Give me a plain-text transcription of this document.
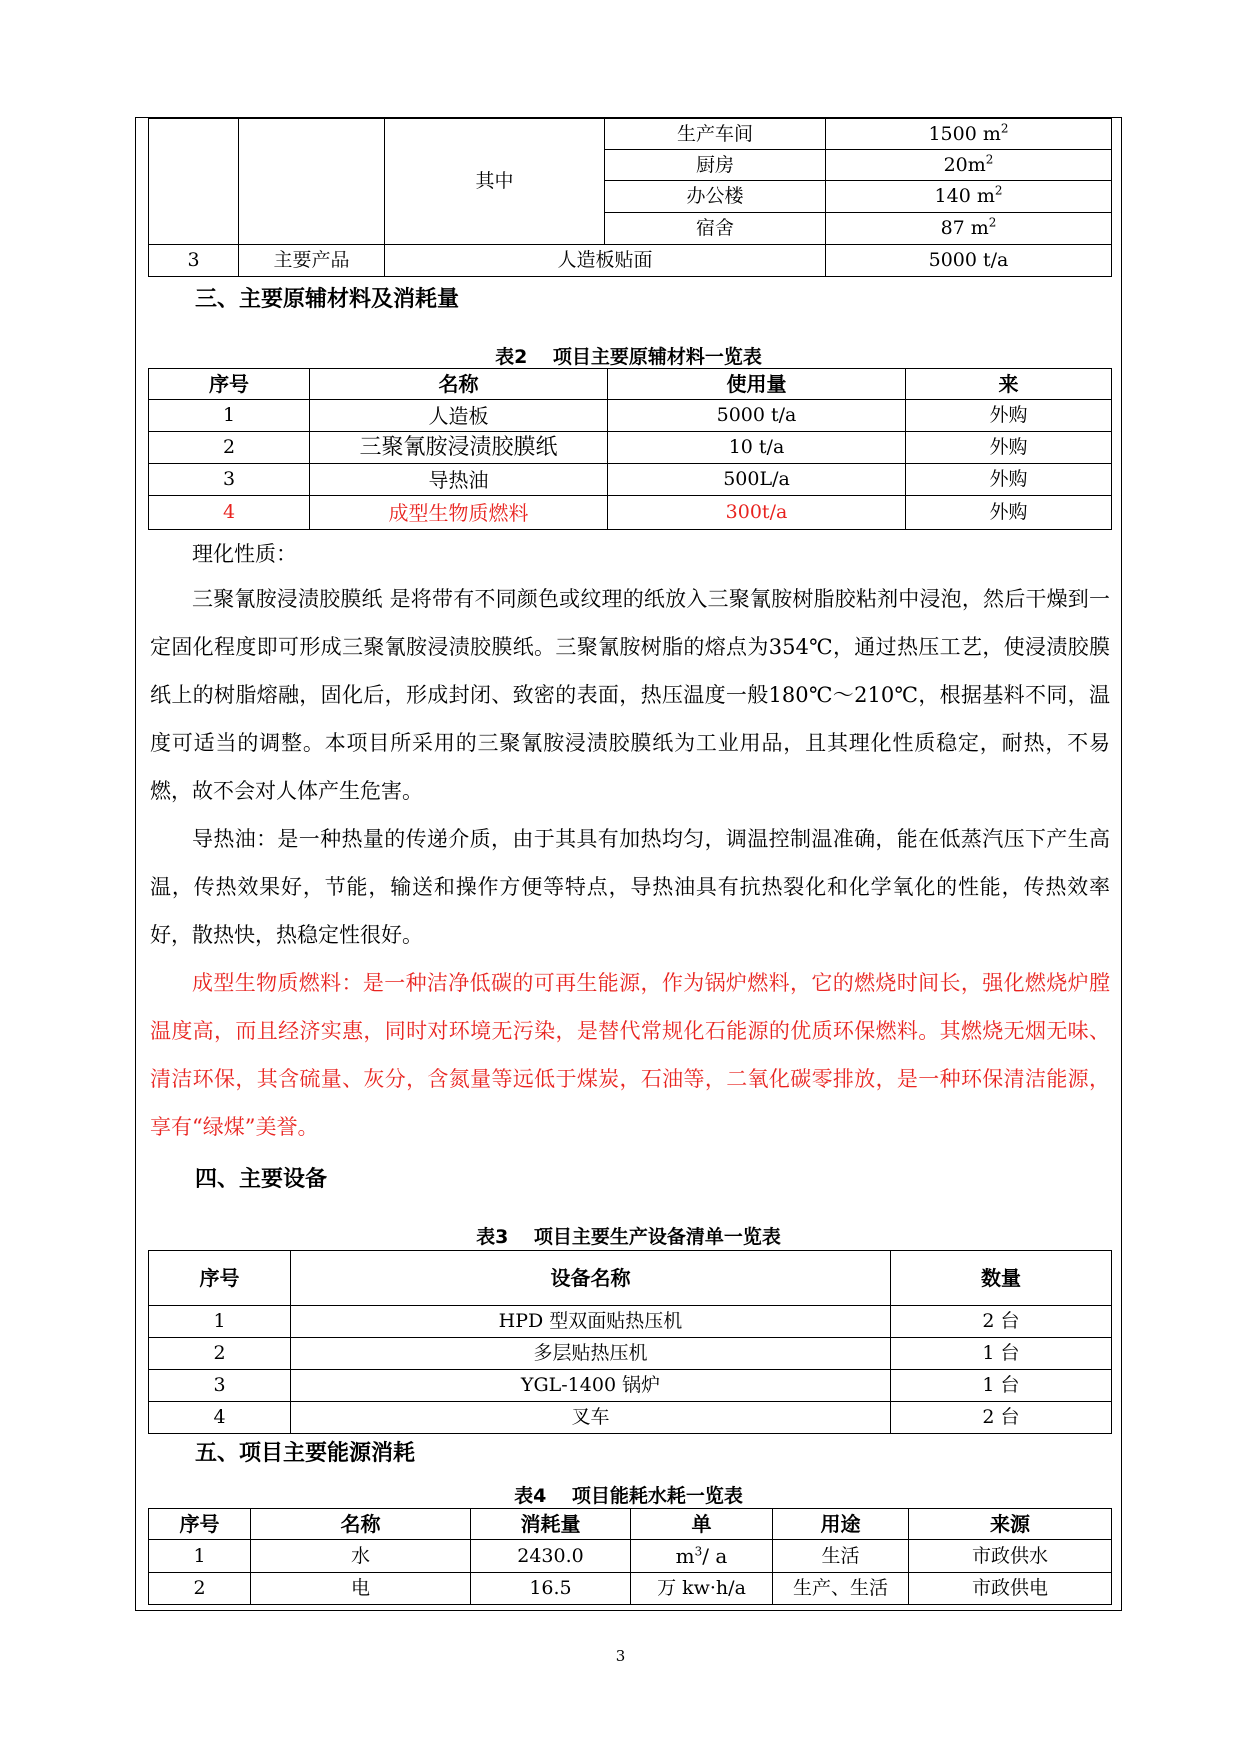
		其中	生产车间	1500 $m^2$
			厨房	$20m^2$
			办公楼	140 $m^2$
			宿舍	87 $m^2$
3	主要产品	人造板贴面		5000 t/a
三、主要原辅材料及消耗量
表2　 项目主要原辅材料一览表
序号	名称	使用量	来
1	人造板	5000 t/a	外购
2	三聚氰胺浸渍胶膜纸	10 t/a	外购
3	导热油	500L/a	外购
4	成型生物质燃料	300t/a	外购
理化性质：

三聚氰胺浸渍胶膜纸 是将带有不同颜色或纹理的纸放入三聚氰胺树脂胶粘剂中浸泡，然后干燥到一定固化程度即可形成三聚氰胺浸渍胶膜纸。三聚氰胺树脂的熔点为354℃，通过热压工艺，使浸渍胶膜纸上的树脂熔融，固化后，形成封闭、致密的表面，热压温度一般180℃～210℃，根据基料不同，温度可适当的调整。本项目所采用的三聚氰胺浸渍胶膜纸为工业用品，且其理化性质稳定，耐热，不易燃，故不会对人体产生危害。

导热油：是一种热量的传递介质，由于其具有加热均匀，调温控制温准确，能在低蒸汽压下产生高温，传热效果好，节能，输送和操作方便等特点，导热油具有抗热裂化和化学氧化的性能，传热效率好，散热快，热稳定性很好。

成型生物质燃料：是一种洁净低碳的可再生能源，作为锅炉燃料，它的燃烧时间长，强化燃烧炉膛温度高，而且经济实惠，同时对环境无污染，是替代常规化石能源的优质环保燃料。其燃烧无烟无味、清洁环保，其含硫量、灰分，含氮量等远低于煤炭，石油等，二氧化碳零排放，是一种环保清洁能源，享有“绿煤”美誉。

四、主要设备
表3　 项目主要生产设备清单一览表
序号	设备名称	数量
1	HPD 型双面贴热压机	2 台
2	多层贴热压机	1 台
3	YGL-1400 锅炉	1 台
4	叉车	2 台
五、项目主要能源消耗
表4　 项目能耗水耗一览表
序号	名称	消耗量	单	用途	来源
1	水	2430.0	$m^3/$ a	生活	市政供水
2	电	16.5	万 kw·h/a	生产、生活	市政供电
3
